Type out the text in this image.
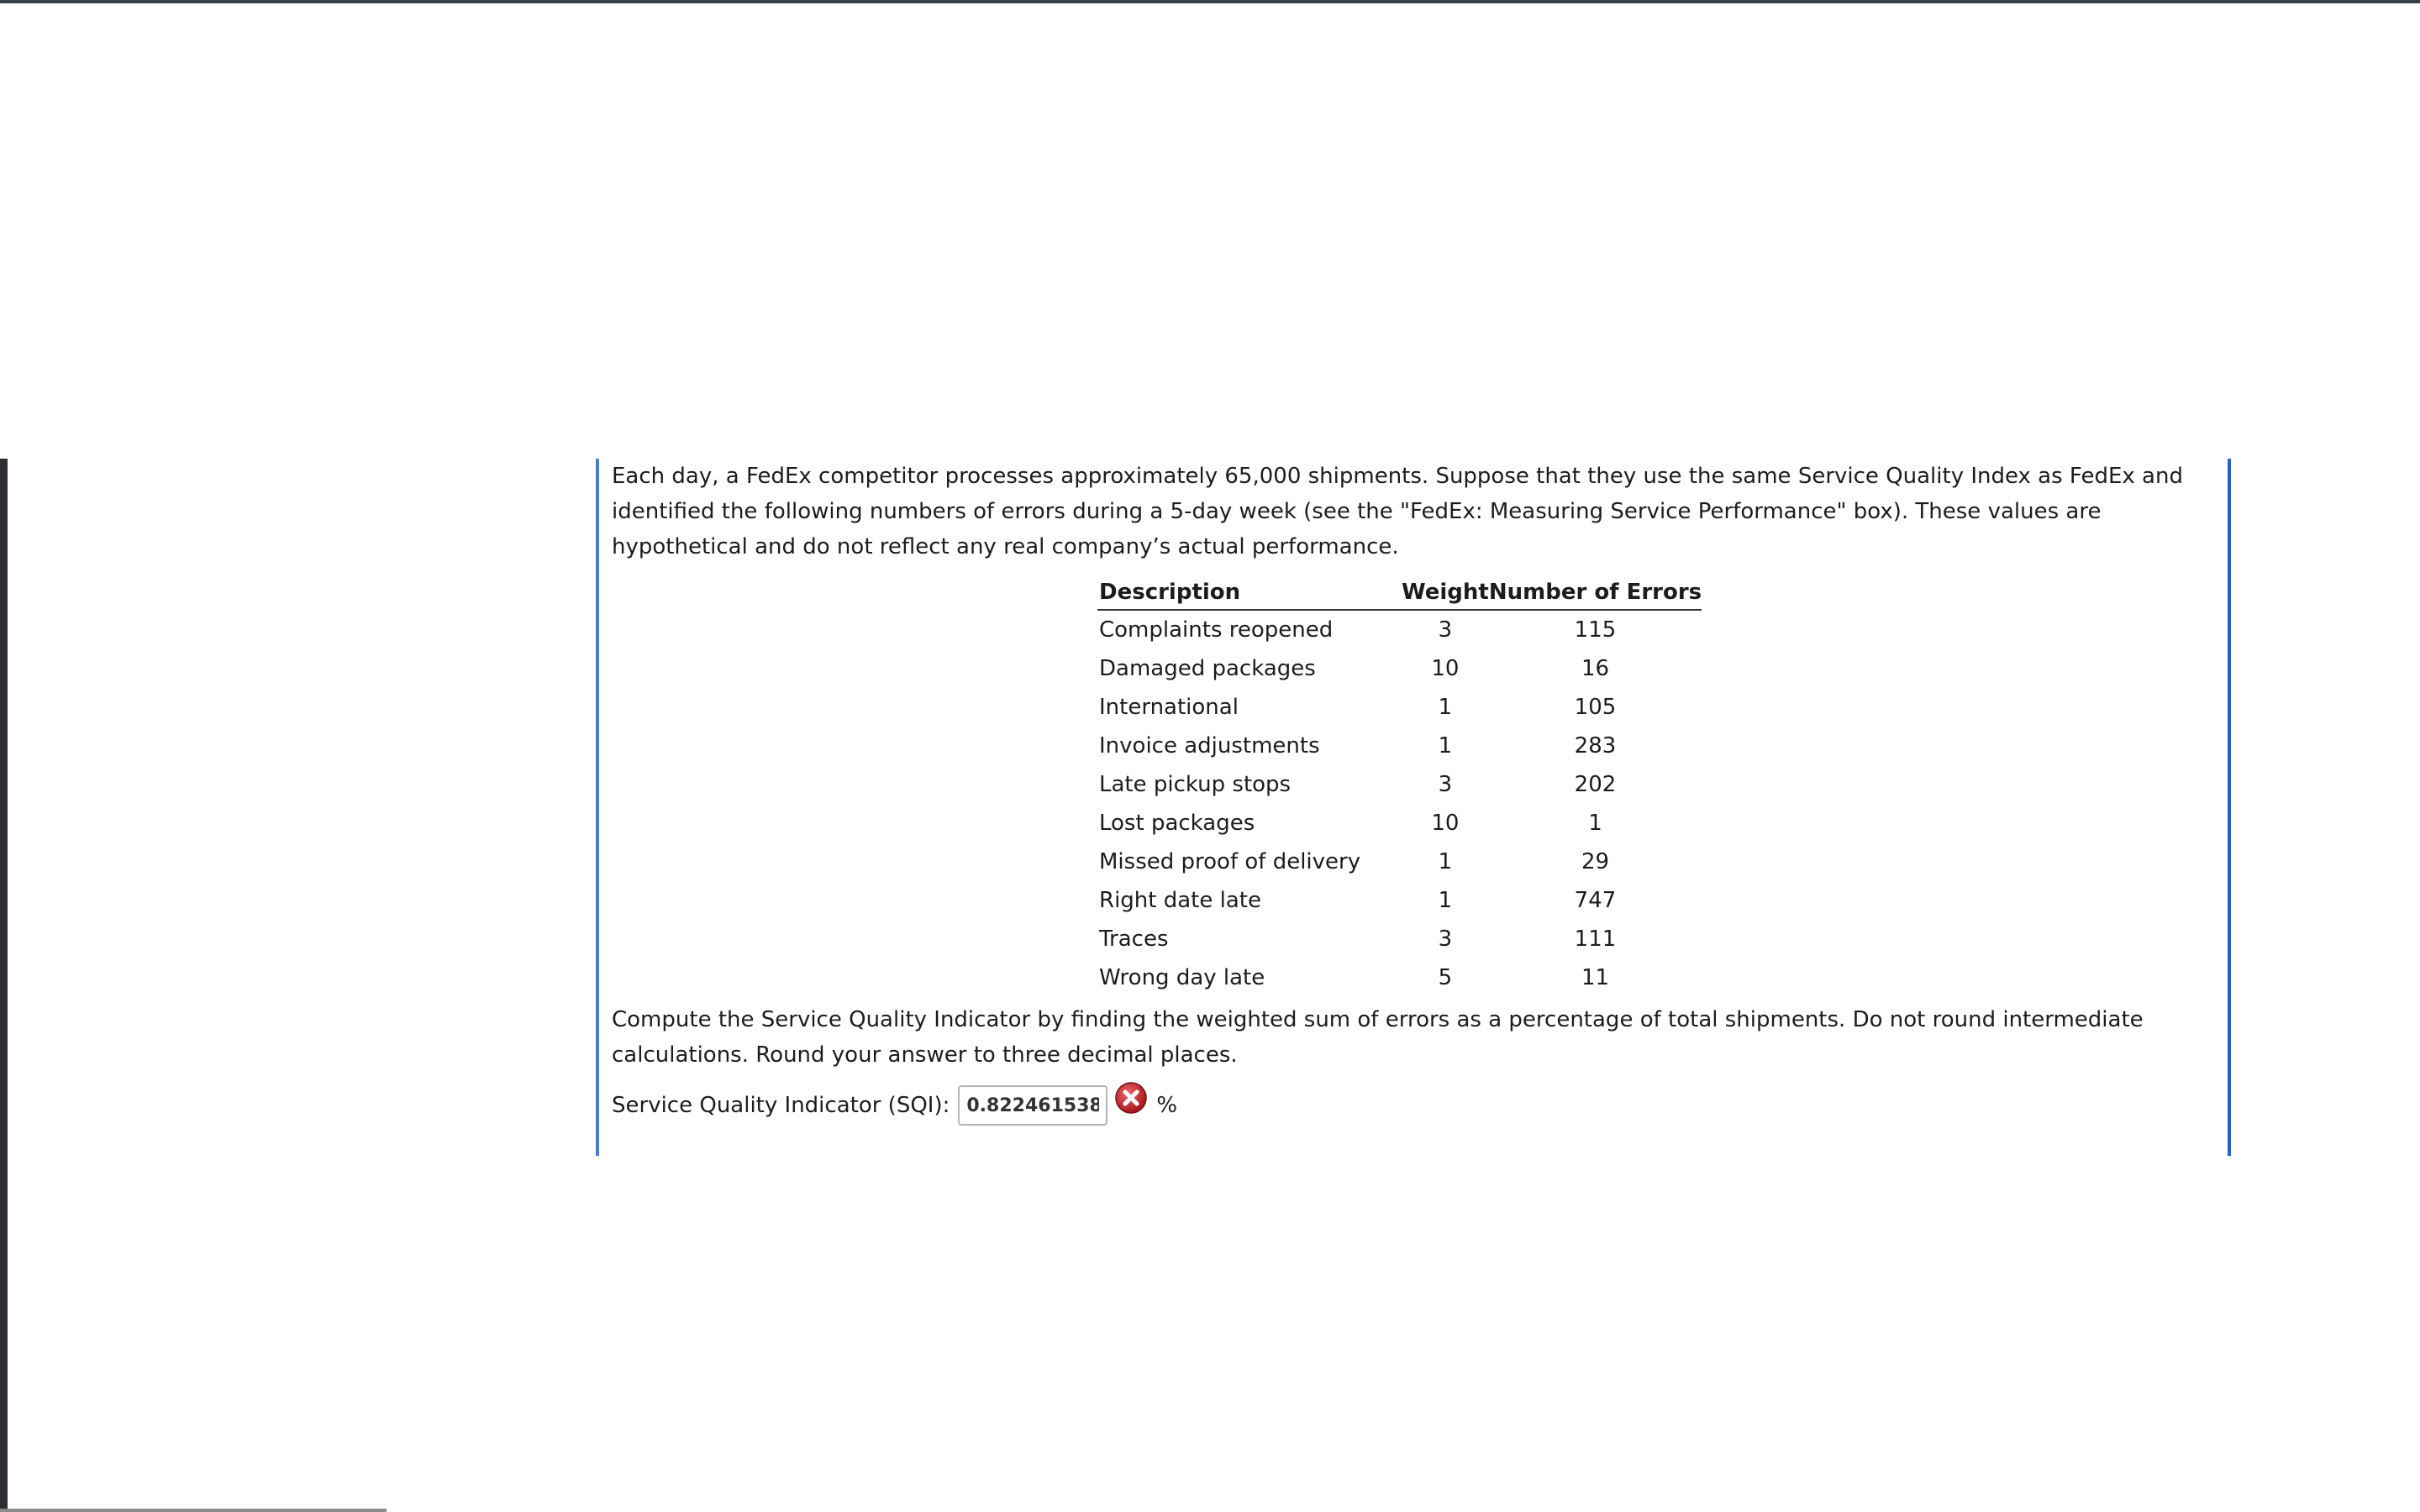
Each day, a FedEx competitor processes approximately 65,000 shipments. Suppose that they use the same Service Quality Index as FedEx and identified the following numbers of errors during a 5-day week (see the "FedEx: Measuring Service Performance" box). These values are hypothetical and do not reflect any real company’s actual performance.

Description	Weight	Number of Errors
Complaints reopened	3	115
Damaged packages	10	16
International	1	105
Invoice adjustments	1	283
Late pickup stops	3	202
Lost packages	10	1
Missed proof of delivery	1	29
Right date late	1	747
Traces	3	111
Wrong day late	5	11

Compute the Service Quality Indicator by finding the weighted sum of errors as a percentage of total shipments. Do not round intermediate calculations. Round your answer to three decimal places.

Service Quality Indicator (SQI):
0.8224615384	%
